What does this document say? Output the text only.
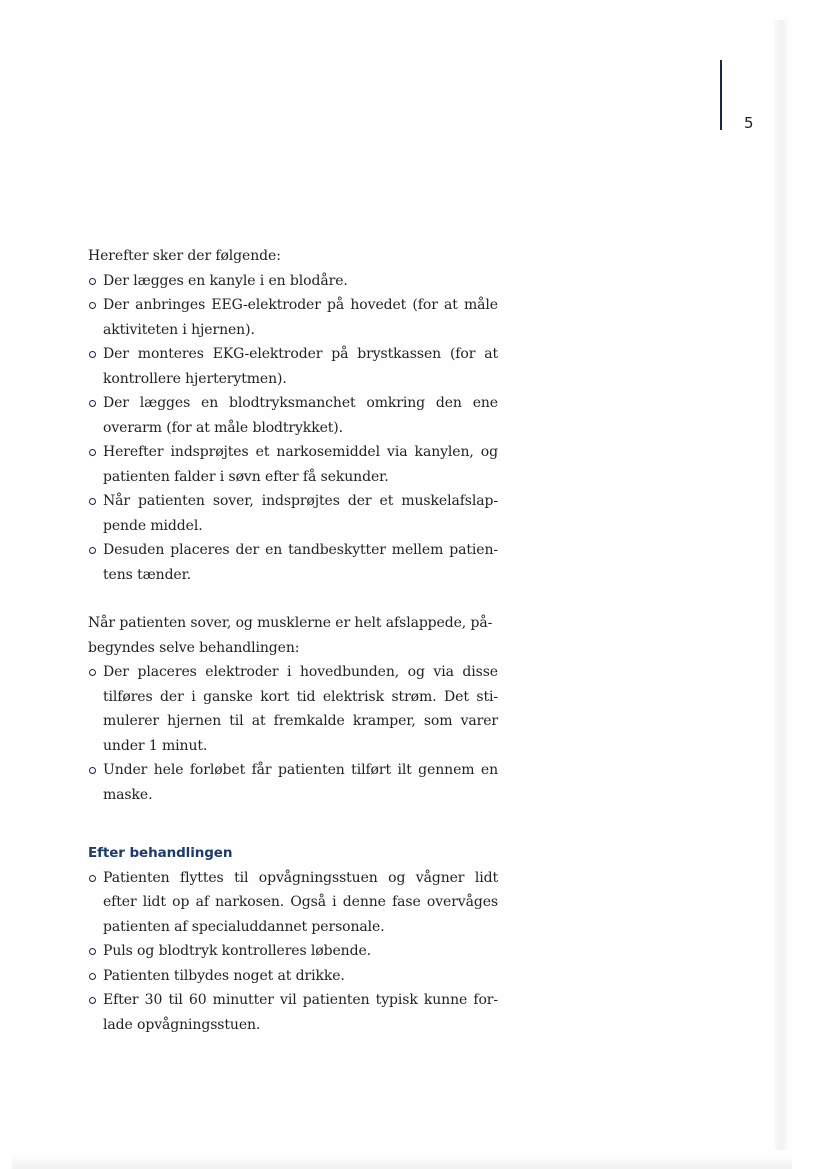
5

Herefter sker der følgende:

Der lægges en kanyle i en blodåre.
Der anbringes EEG-elektroder på hovedet (for at måle aktiviteten i hjernen).
Der monteres EKG-elektroder på brystkassen (for at kontrollere hjerterytmen).
Der lægges en blodtryksmanchet omkring den ene overarm (for at måle blodtrykket).
Herefter indsprøjtes et narkosemiddel via kanylen, og patienten falder i søvn efter få sekunder.
Når patienten sover, indsprøjtes der et muskelafslap-pende middel.
Desuden placeres der en tandbeskytter mellem patien-tens tænder.

Når patienten sover, og musklerne er helt afslappede, på-begyndes selve behandlingen:

Der placeres elektroder i hovedbunden, og via disse tilføres der i ganske kort tid elektrisk strøm. Det sti-mulerer hjernen til at fremkalde kramper, som varer under 1 minut.
Under hele forløbet får patienten tilført ilt gennem en maske.
Efter behandlingen
Patienten flyttes til opvågningsstuen og vågner lidt efter lidt op af narkosen. Også i denne fase overvåges patienten af specialuddannet personale.
Puls og blodtryk kontrolleres løbende.
Patienten tilbydes noget at drikke.
Efter 30 til 60 minutter vil patienten typisk kunne for-lade opvågningsstuen.
